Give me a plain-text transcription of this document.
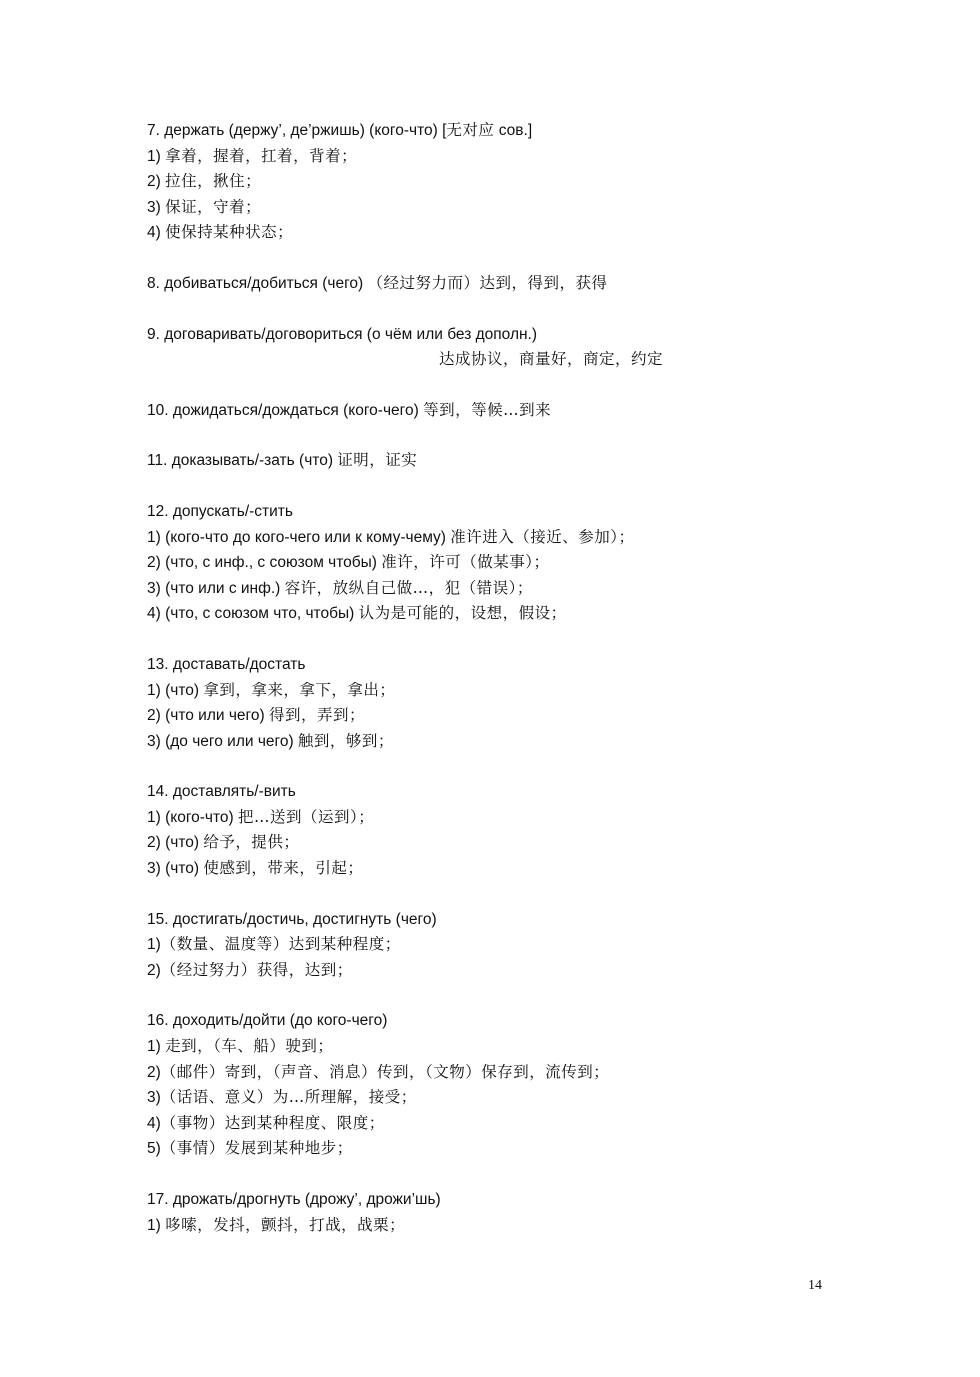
7. держать (держу’, де’ржишь) (кого-что) [无对应 сов.]
1) 拿着，握着，扛着，背着；
2) 拉住，揪住；
3) 保证，守着；
4) 使保持某种状态；
8. добиваться/добиться (чего) （经过努力而）达到，得到，获得
9. договаривать/договориться (о чём или без дополн.)
达成协议，商量好，商定，约定
10. дожидаться/дождаться (кого-чего) 等到，等候…到来
11. доказывать/-зать (что) 证明，证实
12. допускать/-стить
1) (кого-что до кого-чего или к кому-чему) 准许进入（接近、参加）；
2) (что, с инф., с союзом чтобы) 准许，许可（做某事）；
3) (что или с инф.) 容许，放纵自己做…，犯（错误）；
4) (что, с союзом что, чтобы) 认为是可能的，设想，假设；
13. доставать/достать
1) (что) 拿到，拿来，拿下，拿出；
2) (что или чего) 得到，弄到；
3) (до чего или чего) 触到，够到；
14. доставлять/-вить
1) (кого-что) 把…送到（运到）；
2) (что) 给予，提供；
3) (что) 使感到，带来，引起；
15. достигать/достичь, достигнуть (чего)
1)（数量、温度等）达到某种程度；
2)（经过努力）获得，达到；
16. доходить/дойти (до кого-чего)
1) 走到，（车、船）驶到；
2)（邮件）寄到，（声音、消息）传到，（文物）保存到，流传到；
3)（话语、意义）为…所理解，接受；
4)（事物）达到某种程度、限度；
5)（事情）发展到某种地步；
17. дрожать/дрогнуть (дрожу’, дрожи’шь)
1) 哆嗦，发抖，颤抖，打战，战栗；
14
